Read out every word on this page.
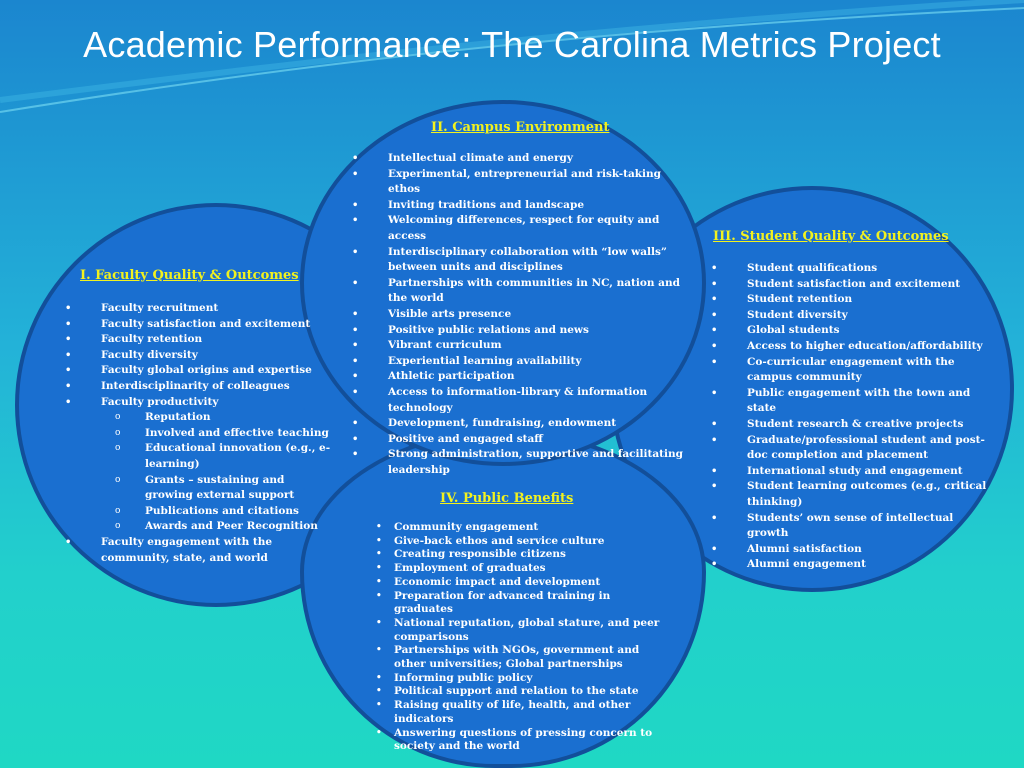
Academic Performance: The Carolina Metrics Project
II. Campus Environment
• Intellectual climate and energy
• Experimental, entrepreneurial and risk-taking ethos
• Inviting traditions and landscape
• Welcoming differences, respect for equity and access
• Interdisciplinary collaboration with “low walls” between units and disciplines
• Partnerships with communities in NC, nation and the world
• Visible arts presence
• Positive public relations and news
• Vibrant curriculum
• Experiential learning availability
• Athletic participation
• Access to information-library & information technology
• Development, fundraising, endowment
• Positive and engaged staff
• Strong administration, supportive and facilitating leadership
I. Faculty Quality & Outcomes
• Faculty recruitment
• Faculty satisfaction and excitement
• Faculty retention
• Faculty diversity
• Faculty global origins and expertise
• Interdisciplinarity of colleagues
• Faculty productivity
o Reputation
o Involved and effective teaching
o Educational innovation (e.g., e-learning)
o Grants – sustaining and growing external support
o Publications and citations
o Awards and Peer Recognition
• Faculty engagement with the community, state, and world
III. Student Quality & Outcomes
• Student qualifications
• Student satisfaction and excitement
• Student retention
• Student diversity
• Global students
• Access to higher education/affordability
• Co-curricular engagement with the campus community
• Public engagement with the town and state
• Student research & creative projects
• Graduate/professional student and post-doc completion and placement
• International study and engagement
• Student learning outcomes (e.g., critical thinking)
• Students’ own sense of intellectual growth
• Alumni satisfaction
• Alumni engagement
IV. Public Benefits
• Community engagement
• Give-back ethos and service culture
• Creating responsible citizens
• Employment of graduates
• Economic impact and development
• Preparation for advanced training in graduates
• National reputation, global stature, and peer comparisons
• Partnerships with NGOs, government and other universities; Global partnerships
• Informing public policy
• Political support and relation to the state
• Raising quality of life, health, and other indicators
• Answering questions of pressing concern to society and the world
